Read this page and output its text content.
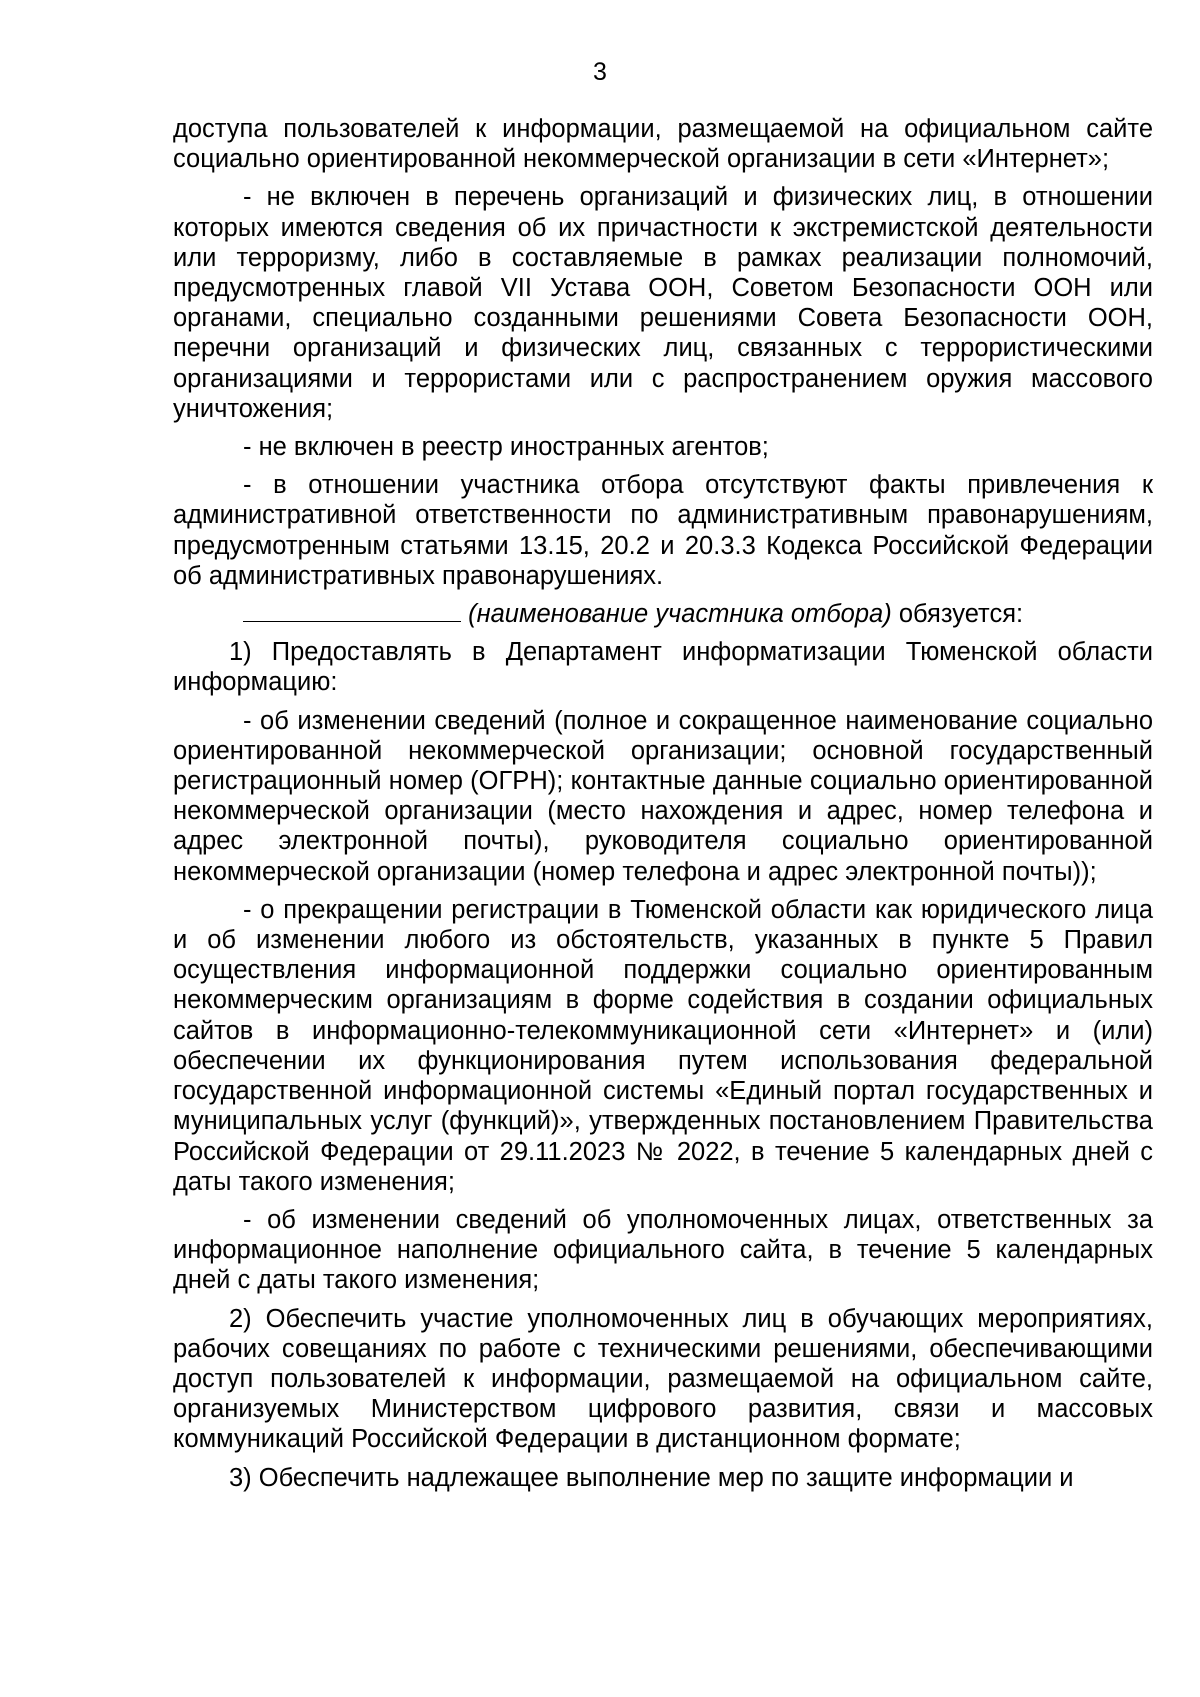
3

доступа пользователей к информации, размещаемой на официальном сайте социально ориентированной некоммерческой организации в сети «Интернет»;

- не включен в перечень организаций и физических лиц, в отношении которых имеются сведения об их причастности к экстремистской деятельности или терроризму, либо в составляемые в рамках реализации полномочий, предусмотренных главой VII Устава ООН, Советом Безопасности ООН или органами, специально созданными решениями Совета Безопасности ООН, перечни организаций и физических лиц, связанных с террористическими организациями и террористами или с распространением оружия массового уничтожения;

- не включен в реестр иностранных агентов;

- в отношении участника отбора отсутствуют факты привлечения к административной ответственности по административным правонарушениям, предусмотренным статьями 13.15, 20.2 и 20.3.3 Кодекса Российской Федерации об административных правонарушениях.

(наименование участника отбора) обязуется:

1) Предоставлять в Департамент информатизации Тюменской области информацию:

- об изменении сведений (полное и сокращенное наименование социально ориентированной некоммерческой организации; основной государственный регистрационный номер (ОГРН); контактные данные социально ориентированной некоммерческой организации (место нахождения и адрес, номер телефона и адрес электронной почты), руководителя социально ориентированной некоммерческой организации (номер телефона и адрес электронной почты));

- о прекращении регистрации в Тюменской области как юридического лица и об изменении любого из обстоятельств, указанных в пункте 5 Правил осуществления информационной поддержки социально ориентированным некоммерческим организациям в форме содействия в создании официальных сайтов в информационно-телекоммуникационной сети «Интернет» и (или) обеспечении их функционирования путем использования федеральной государственной информационной системы «Единый портал государственных и муниципальных услуг (функций)», утвержденных постановлением Правительства Российской Федерации от 29.11.2023 № 2022, в течение 5 календарных дней с даты такого изменения;

- об изменении сведений об уполномоченных лицах, ответственных за информационное наполнение официального сайта, в течение 5 календарных дней с даты такого изменения;

2) Обеспечить участие уполномоченных лиц в обучающих мероприятиях, рабочих совещаниях по работе с техническими решениями, обеспечивающими доступ пользователей к информации, размещаемой на официальном сайте, организуемых Министерством цифрового развития, связи и массовых коммуникаций Российской Федерации в дистанционном формате;

3) Обеспечить надлежащее выполнение мер по защите информации и
